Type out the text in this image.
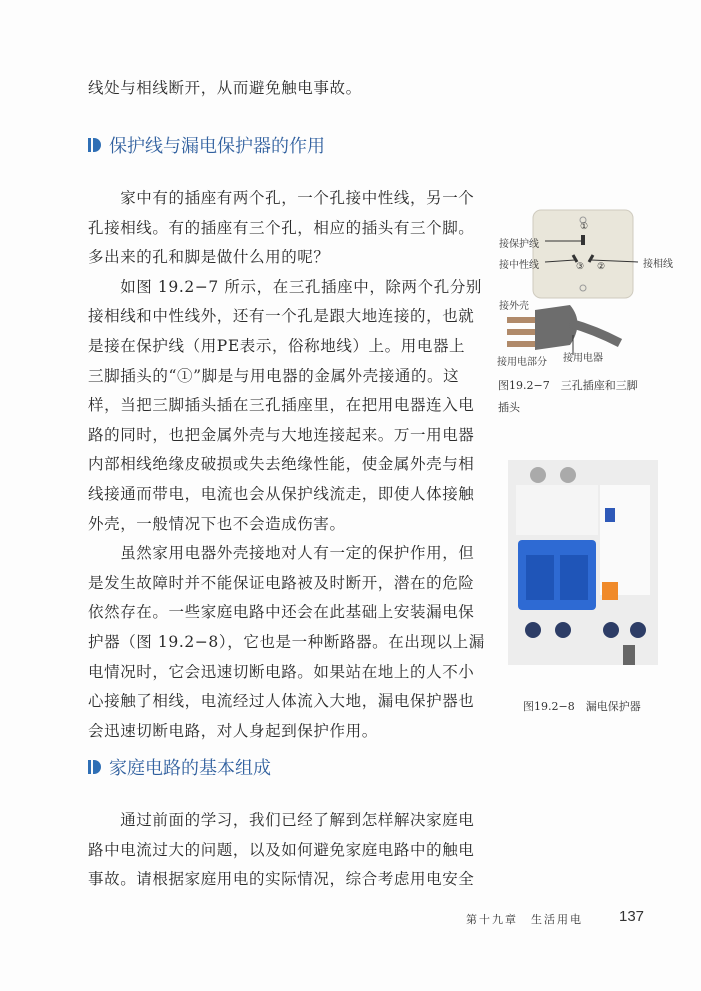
线处与相线断开，从而避免触电事故。
保护线与漏电保护器的作用
　　家中有的插座有两个孔，一个孔接中性线，另一个
孔接相线。有的插座有三个孔，相应的插头有三个脚。
多出来的孔和脚是做什么用的呢？
　　如图 19.2−7 所示，在三孔插座中，除两个孔分别
接相线和中性线外，还有一个孔是跟大地连接的，也就
是接在保护线（用PE表示，俗称地线）上。用电器上
三脚插头的“①”脚是与用电器的金属外壳接通的。这
样，当把三脚插头插在三孔插座里，在把用电器连入电
路的同时，也把金属外壳与大地连接起来。万一用电器
内部相线绝缘皮破损或失去绝缘性能，使金属外壳与相
线接通而带电，电流也会从保护线流走，即使人体接触
外壳，一般情况下也不会造成伤害。
　　虽然家用电器外壳接地对人有一定的保护作用，但
是发生故障时并不能保证电路被及时断开，潜在的危险
依然存在。一些家庭电路中还会在此基础上安装漏电保
护器（图 19.2−8），它也是一种断路器。在出现以上漏
电情况时，它会迅速切断电路。如果站在地上的人不小
心接触了相线，电流经过人体流入大地，漏电保护器也
会迅速切断电路，对人身起到保护作用。
家庭电路的基本组成
　　通过前面的学习，我们已经了解到怎样解决家庭电
路中电流过大的问题，以及如何避免家庭电路中的触电
事故。请根据家庭用电的实际情况，综合考虑用电安全
接保护线
接中性线	接相线
①
②
③
接外壳
接用电部分 接用电器
图19.2−7　三孔插座和三脚
插头
图19.2−8　漏电保护器
第十九章　生活用电 137
